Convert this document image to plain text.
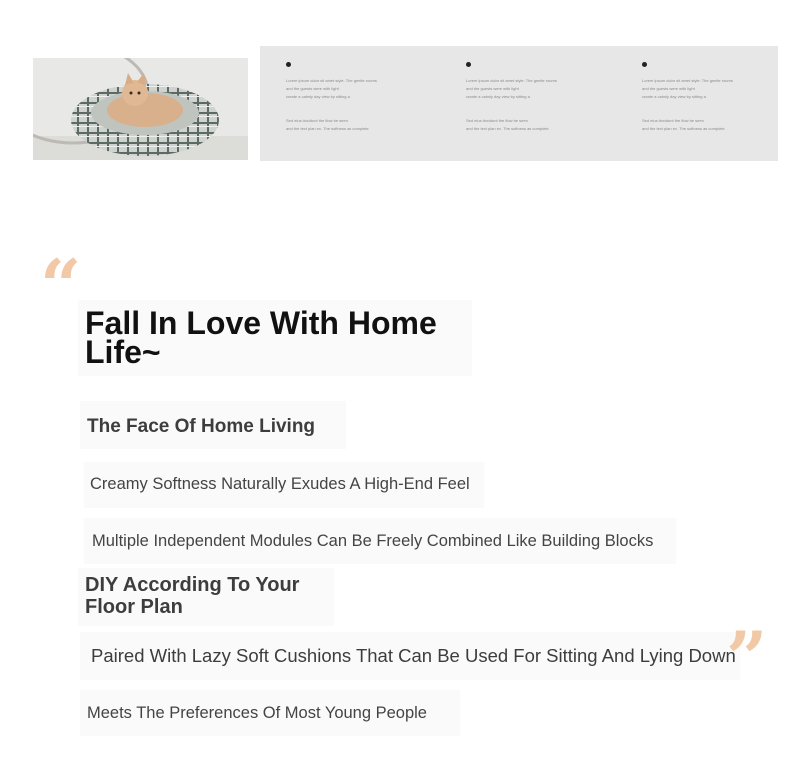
Lorem ipsum dolor sit amet style. The gentle rooms
and the guests were with light
create a calmly day view by sitting a
Sed eius tincidunt the flow be seen
and the text plan ex. The softness as complete
Lorem ipsum dolor sit amet style. The gentle rooms
and the guests were with light
create a calmly day view by sitting a
Sed eius tincidunt the flow be seen
and the text plan ex. The softness as complete
Lorem ipsum dolor sit amet style. The gentle rooms
and the guests were with light
create a calmly day view by sitting a
Sed eius tincidunt the flow be seen
and the text plan ex. The softness as complete
“ Fall In Love With Home Life~
The Face Of Home Living

Creamy Softness Naturally Exudes A High-End Feel

Multiple Independent Modules Can Be Freely Combined Like Building Blocks

DIY According To Your Floor Plan

Paired With Lazy Soft Cushions That Can Be Used For Sitting And Lying Down

Meets The Preferences Of Most Young People

”
